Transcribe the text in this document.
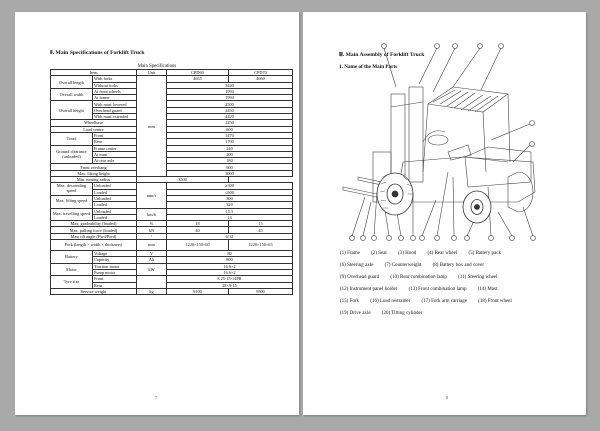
Ⅱ. Main Specifications of Forklift Truck
Main Specifications
Item		Unit	CPD60	CPD70
Overall length	With forks	mm	4655	4660
	Without forks		3440	
Overall width	At front wheels		1994	
	At frame		1994	
Overall height	With mast lowered		2500	
	Overhead guard		2450	
	With mast extended		4420	
Wheelbase			2250	
Load centre			600	
Tread	Front		1470	
	Rear		1700	
Ground clearance (unloaded)	Frame center		240	
	At mast		200	
	At rear axle		180	
Front overhang			600	
Max. lifting height			3000	
Min. turning radius		3500		
Max. descending speed	Unloaded	mm/s	≥300	
	Loaded		≤600	
Max. lifting speed	Unloaded		300	
	Loaded		320	
Max. travelling speed	Unloaded	km/h	15.5	
	Loaded		14	
Max. gradeability (loaded)		%	18	15
Max. pulling force (loaded)		kN	40	45
Mast tilt angle (Fwd/Bwd)		°	6/12	
Fork (length × width × thickness)		mm	1220×150×60	1220×150×65
Battery	Voltage	V	80	
	Capacity	Ah	800	
Motor	Traction motor	kW	16.6×2	
	Pump motor		16.6×2	
Tyre size	Front		8.25-15-14PR	
	Rear		28×9-15	
Service weight		kg	9100	9500
7
Ⅲ. Main Assembly of Forklift Truck
1. Name of the Main Parts
(1) Frame (2) Seat (3) Hood (4) Rear wheel (5) Battery pack
(6) Steering axle (7) Counterweight (8) Battery box and cover
(9) Overhead guard (10) Rear combination lamp (11) Steering wheel
(12) Instrument panel holder (13) Front combination lamp (14) Mast
(15) Fork (16) Load restrainer (17) Fork arm carriage (18) Front wheel
(19) Drive axle (20) Tilting cylinder
8
